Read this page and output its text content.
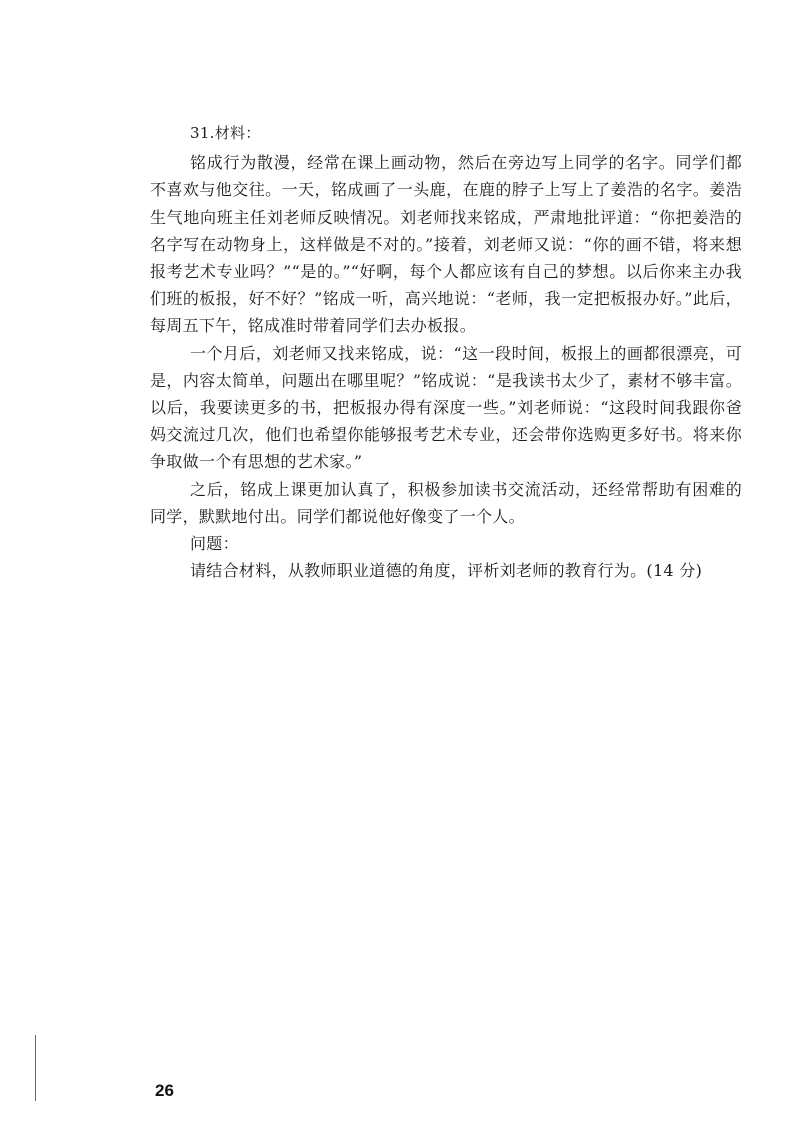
31.材料：

铭成行为散漫，经常在课上画动物，然后在旁边写上同学的名字。同学们都不喜欢与他交往。一天，铭成画了一头鹿，在鹿的脖子上写上了姜浩的名字。姜浩生气地向班主任刘老师反映情况。刘老师找来铭成，严肃地批评道：“你把姜浩的名字写在动物身上，这样做是不对的。”接着，刘老师又说：“你的画不错，将来想报考艺术专业吗？”“是的。”“好啊，每个人都应该有自己的梦想。以后你来主办我们班的板报，好不好？”铭成一听，高兴地说：“老师，我一定把板报办好。”此后，每周五下午，铭成准时带着同学们去办板报。

一个月后，刘老师又找来铭成，说：“这一段时间，板报上的画都很漂亮，可是，内容太简单，问题出在哪里呢？”铭成说：“是我读书太少了，素材不够丰富。以后，我要读更多的书，把板报办得有深度一些。”刘老师说：“这段时间我跟你爸妈交流过几次，他们也希望你能够报考艺术专业，还会带你选购更多好书。将来你争取做一个有思想的艺术家。”

之后，铭成上课更加认真了，积极参加读书交流活动，还经常帮助有困难的同学，默默地付出。同学们都说他好像变了一个人。

问题：

请结合材料，从教师职业道德的角度，评析刘老师的教育行为。(14 分)

26
